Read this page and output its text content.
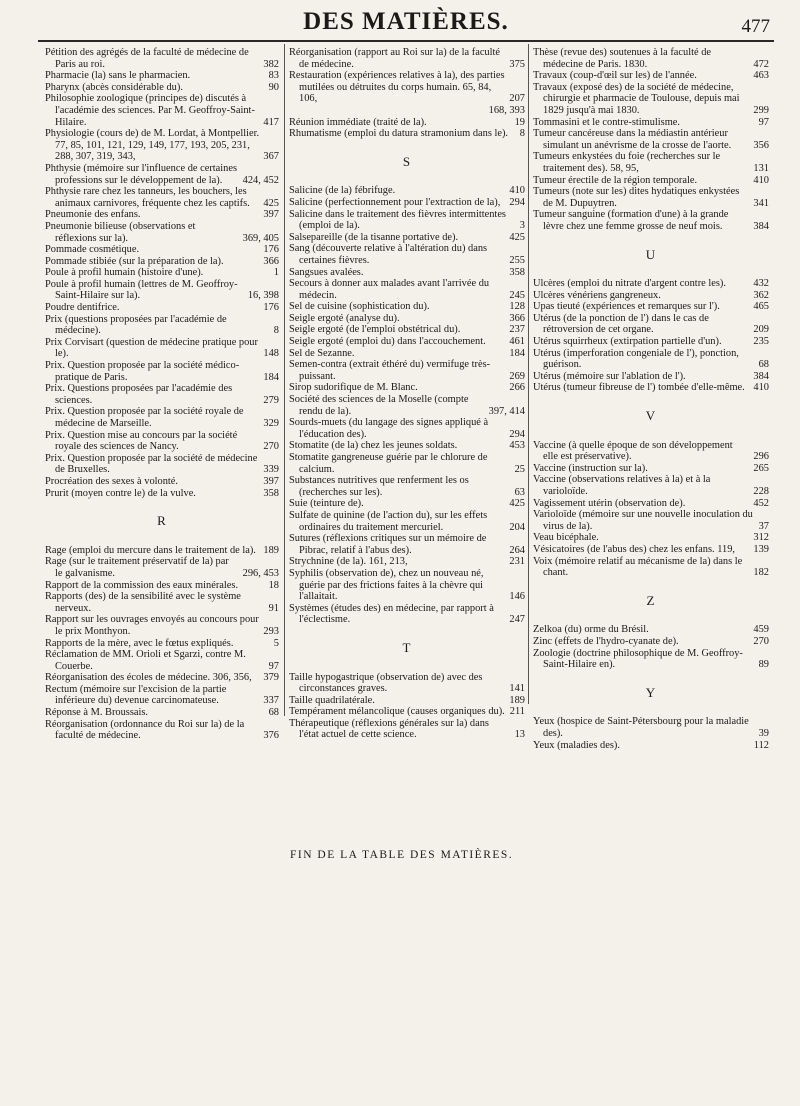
DES MATIÈRES.	477
Pétition des agrégés de la faculté de médecine de Paris au roi.	382
Pharmacie (la) sans le pharmacien.	83
Pharynx (abcès considérable du).	90
Philosophie zoologique (principes de) discutés à l'académie des sciences. Par M. Geoffroy-Saint-Hilaire.	417
Physiologie (cours de) de M. Lordat, à Montpellier. 77, 85, 101, 121, 129, 149, 177, 193, 205, 231, 288, 307, 319, 343,	367
Phthysie (mémoire sur l'influence de certaines professions sur le développement de la).	424, 452
Phthysie rare chez les tanneurs, les bouchers, les animaux carnivores, fréquente chez les captifs.	425
Pneumonie des enfans.	397
Pneumonie bilieuse (observations et réflexions sur la).	369, 405
Pommade cosmétique.	176
Pommade stibiée (sur la préparation de la).	366
Poule à profil humain (histoire d'une).	1
Poule à profil humain (lettres de M. Geoffroy-Saint-Hilaire sur la).	16, 398
Poudre dentifrice.	176
Prix (questions proposées par l'académie de médecine).	8
Prix Corvisart (question de médecine pratique pour le).	148
Prix. Question proposée par la société médico-pratique de Paris.	184
Prix. Questions proposées par l'académie des sciences.	279
Prix. Question proposée par la société royale de médecine de Marseille.	329
Prix. Question mise au concours par la société royale des sciences de Nancy.	270
Prix. Question proposée par la société de médecine de Bruxelles.	339
Procréation des sexes à volonté.	397
Prurit (moyen contre le) de la vulve.	358
R
Rage (emploi du mercure dans le traitement de la). 189
Rage (sur le traitement préservatif de la) par le galvanisme.	296, 453
Rapport de la commission des eaux minérales.	18
Rapports (des) de la sensibilité avec le système nerveux.	91
Rapport sur les ouvrages envoyés au concours pour le prix Monthyon.	293
Rapports de la mère, avec le fœtus expliqués.	5
Réclamation de MM. Orioli et Sgarzi, contre M. Couerbe.	97
Réorganisation des écoles de médecine. 306, 356,	379
Rectum (mémoire sur l'excision de la partie inférieure du) devenue carcinomateuse.	337
Réponse à M. Broussais.	68
Réorganisation (ordonnance du Roi sur la) de la faculté de médecine.	376
Réorganisation (rapport au Roi sur la) de la faculté de médecine.	375
Restauration (expériences relatives à la), des parties mutilées ou détruites du corps humain. 65, 84, 106,	207
168, 393
Réunion immédiate (traité de la).	19
Rhumatisme (emploi du datura stramonium dans le).	8
S
Salicine (de la) fébrifuge.	410
Salicine (perfectionnement pour l'extraction de la), 294
Salicine dans le traitement des fièvres intermittentes (emploi de la).	3
Salsepareille (de la tisanne portative de).	425
Sang (découverte relative à l'altération du) dans certaines fièvres.	255
Sangsues avalées.	358
Secours à donner aux malades avant l'arrivée du médecin.	245
Sel de cuisine (sophistication du).	128
Seigle ergoté (analyse du).	366
Seigle ergoté (de l'emploi obstétrical du).	237
Seigle ergoté (emploi du) dans l'accouchement.	461
Sel de Sezanne.	184
Semen-contra (extrait éthéré du) vermifuge très-puissant.	269
Sirop sudorifique de M. Blanc.	266
Société des sciences de la Moselle (compte rendu de la).	397, 414
Sourds-muets (du langage des signes appliqué à l'éducation des).	294
Stomatite (de la) chez les jeunes soldats.	453
Stomatite gangreneuse guérie par le chlorure de calcium.	25
Substances nutritives que renferment les os (recherches sur les).	63
Suie (teinture de).	425
Sulfate de quinine (de l'action du), sur les effets ordinaires du traitement mercuriel.	204
Sutures (réflexions critiques sur un mémoire de Pibrac, relatif à l'abus des).	264
Strychnine (de la). 161, 213,	231
Syphilis (observation de), chez un nouveau né, guérie par des frictions faites à la chèvre qui l'allaitait.	146
Systèmes (études des) en médecine, par rapport à l'éclectisme.	247
T
Taille hypogastrique (observation de) avec des circonstances graves.	141
Taille quadrilatérale.	189
Tempérament mélancolique (causes organiques du). 211
Thérapeutique (réflexions générales sur la) dans l'état actuel de cette science.	13
Thèse (revue des) soutenues à la faculté de médecine de Paris. 1830.	472
Travaux (coup-d'œil sur les) de l'année.	463
Travaux (exposé des) de la société de médecine, chirurgie et pharmacie de Toulouse, depuis mai 1829 jusqu'à mai 1830.	299
Tommasini et le contre-stimulisme.	97
Tumeur cancéreuse dans la médiastin antérieur simulant un anévrisme de la crosse de l'aorte.	356
Tumeurs enkystées du foie (recherches sur le traitement des). 58, 95,	131
Tumeur érectile de la région temporale.	410
Tumeurs (note sur les) dites hydatiques enkystées de M. Dupuytren.	341
Tumeur sanguine (formation d'une) à la grande lèvre chez une femme grosse de neuf mois.	384
U
Ulcères (emploi du nitrate d'argent contre les).	432
Ulcères vénériens gangreneux.	362
Upas tieuté (expériences et remarques sur l').	465
Utérus (de la ponction de l') dans le cas de rétroversion de cet organe.	209
Utérus squirrheux (extirpation partielle d'un).	235
Utérus (imperforation congeniale de l'), ponction, guérison.	68
Utérus (mémoire sur l'ablation de l').	384
Utérus (tumeur fibreuse de l') tombée d'elle-même. 410
V
Vaccine (à quelle époque de son développement elle est préservative).	296
Vaccine (instruction sur la).	265
Vaccine (observations relatives à la) et à la varioloïde.	228
Vagissement utérin (observation de).	452
Varioloïde (mémoire sur une nouvelle inoculation du virus de la).	37
Veau bicéphale.	312
Vésicatoires (de l'abus des) chez les enfans. 119,	139
Voix (mémoire relatif au mécanisme de la) dans le chant.	182
Z
Zelkoa (du) orme du Brésil.	459
Zinc (effets de l'hydro-cyanate de).	270
Zoologie (doctrine philosophique de M. Geoffroy-Saint-Hilaire en).	89
Y
Yeux (hospice de Saint-Pétersbourg pour la maladie des).	39
Yeux (maladies des).	112
FIN DE LA TABLE DES MATIÈRES.
